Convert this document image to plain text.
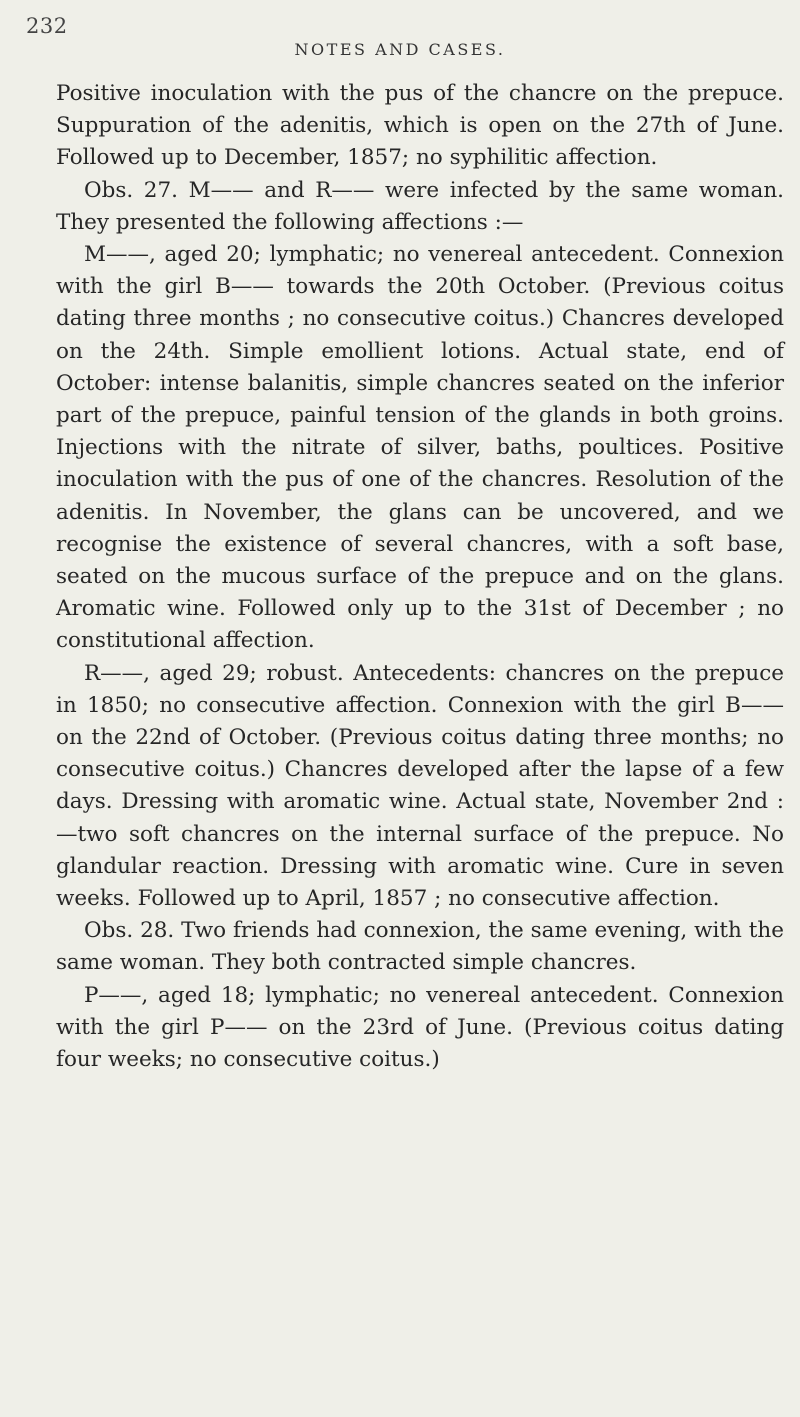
232
NOTES AND CASES.

Positive inoculation with the pus of the chancre on the prepuce. Suppuration of the adenitis, which is open on the 27th of June. Followed up to December, 1857; no syphilitic affection.

Obs. 27. M—— and R—— were infected by the same woman. They presented the following affections :—

M——, aged 20; lymphatic; no venereal antecedent. Connexion with the girl B—— towards the 20th October. (Previous coitus dating three months ; no consecutive coitus.) Chancres developed on the 24th. Simple emollient lotions. Actual state, end of October: intense balanitis, simple chancres seated on the inferior part of the prepuce, painful tension of the glands in both groins. Injections with the nitrate of silver, baths, poultices. Positive inoculation with the pus of one of the chancres. Resolution of the adenitis. In November, the glans can be uncovered, and we recognise the existence of several chancres, with a soft base, seated on the mucous surface of the prepuce and on the glans. Aromatic wine. Followed only up to the 31st of December ; no constitutional affection.

R——, aged 29; robust. Antecedents: chancres on the prepuce in 1850; no consecutive affection. Connexion with the girl B—— on the 22nd of October. (Previous coitus dating three months; no consecutive coitus.) Chancres developed after the lapse of a few days. Dressing with aromatic wine. Actual state, November 2nd :—two soft chancres on the internal surface of the prepuce. No glandular reaction. Dressing with aromatic wine. Cure in seven weeks. Followed up to April, 1857 ; no consecutive affection.

Obs. 28. Two friends had connexion, the same evening, with the same woman. They both contracted simple chancres.

P——, aged 18; lymphatic; no venereal antecedent. Connexion with the girl P—— on the 23rd of June. (Previous coitus dating four weeks; no consecutive coitus.)
